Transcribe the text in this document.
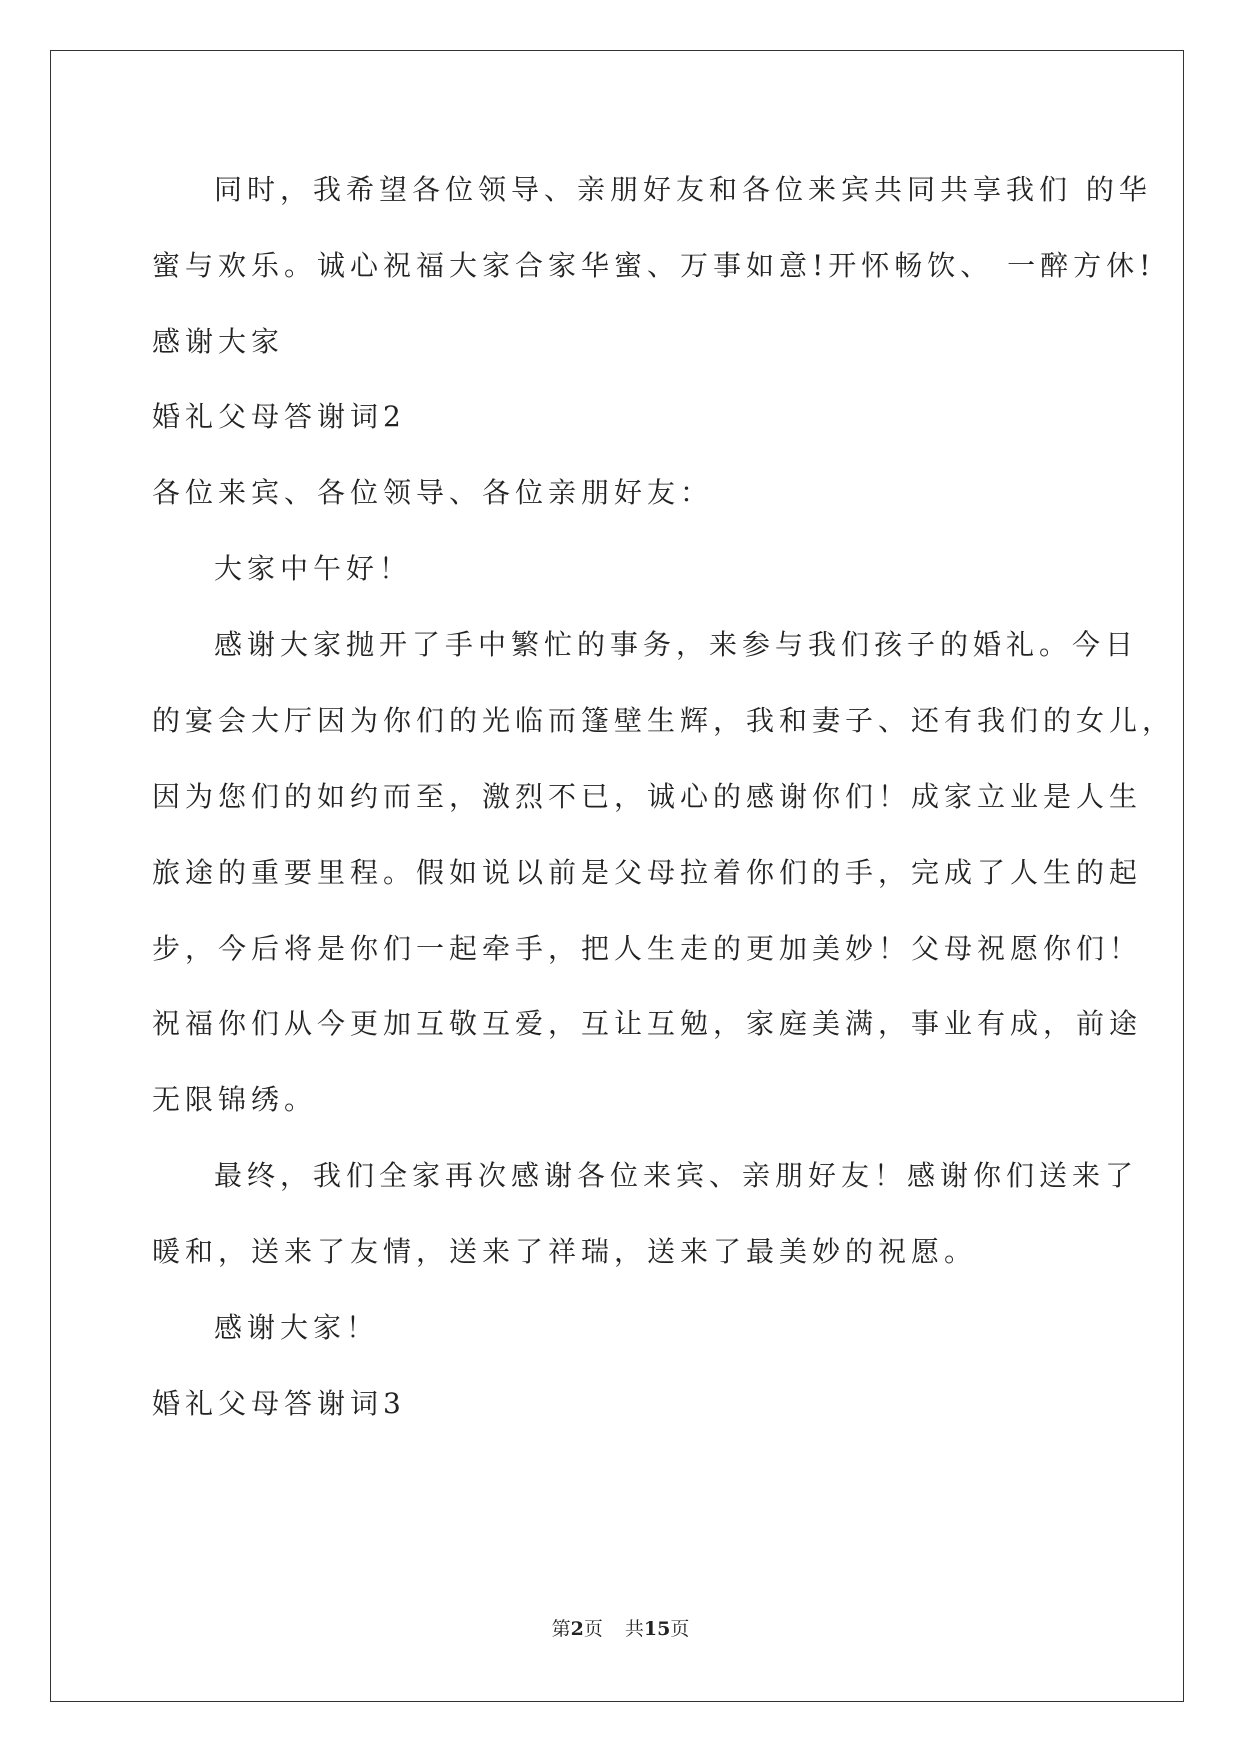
同时，我希望各位领导、亲朋好友和各位来宾共同共享我们 的华
蜜与欢乐。诚心祝福大家合家华蜜、万事如意!开怀畅饮、 一醉方休!
感谢大家
婚礼父母答谢词2
各位来宾、各位领导、各位亲朋好友：
大家中午好！
感谢大家抛开了手中繁忙的事务，来参与我们孩子的婚礼。今日
的宴会大厅因为你们的光临而篷壁生辉，我和妻子、还有我们的女儿，
因为您们的如约而至，激烈不已，诚心的感谢你们！成家立业是人生
旅途的重要里程。假如说以前是父母拉着你们的手，完成了人生的起
步，今后将是你们一起牵手，把人生走的更加美妙！父母祝愿你们！
祝福你们从今更加互敬互爱，互让互勉，家庭美满，事业有成，前途
无限锦绣。
最终，我们全家再次感谢各位来宾、亲朋好友！感谢你们送来了
暖和，送来了友情，送来了祥瑞，送来了最美妙的祝愿。
感谢大家！
婚礼父母答谢词3
第2页 共15页
